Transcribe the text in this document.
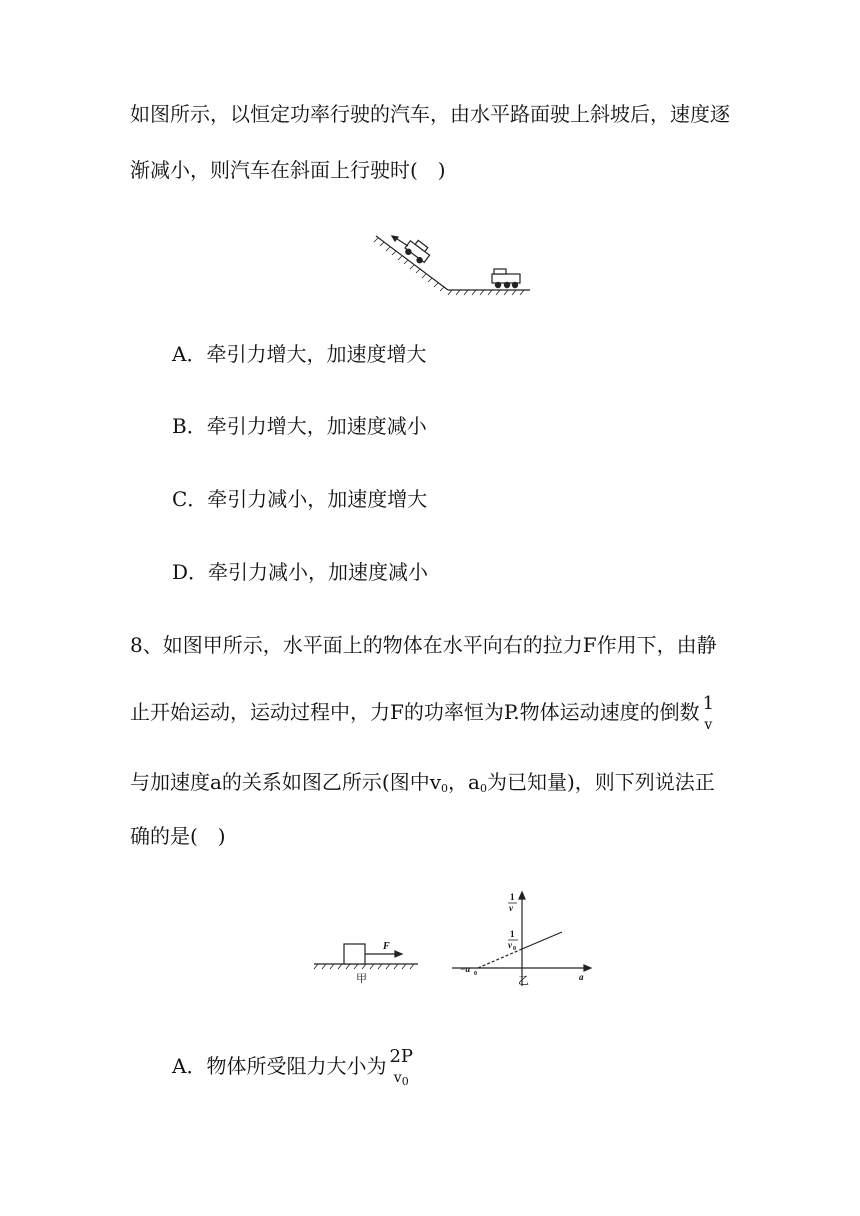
如图所示，以恒定功率行驶的汽车，由水平路面驶上斜坡后，速度逐
渐减小，则汽车在斜面上行驶时(　)
A．牵引力增大，加速度增大
B．牵引力增大，加速度减小
C．牵引力减小，加速度增大
D．牵引力减小，加速度减小
8、如图甲所示，水平面上的物体在水平向右的拉力F作用下，由静
止开始运动，运动过程中，力F的功率恒为P.物体运动速度的倒数 1
v
与加速度a的关系如图乙所示(图中$v_0$，$a_0$为已知量)，则下列说法正
确的是(　)
F
甲
1
v
1
v 0
−a 0	a
乙
A．物体所受阻力大小为 2P
$v_0$
